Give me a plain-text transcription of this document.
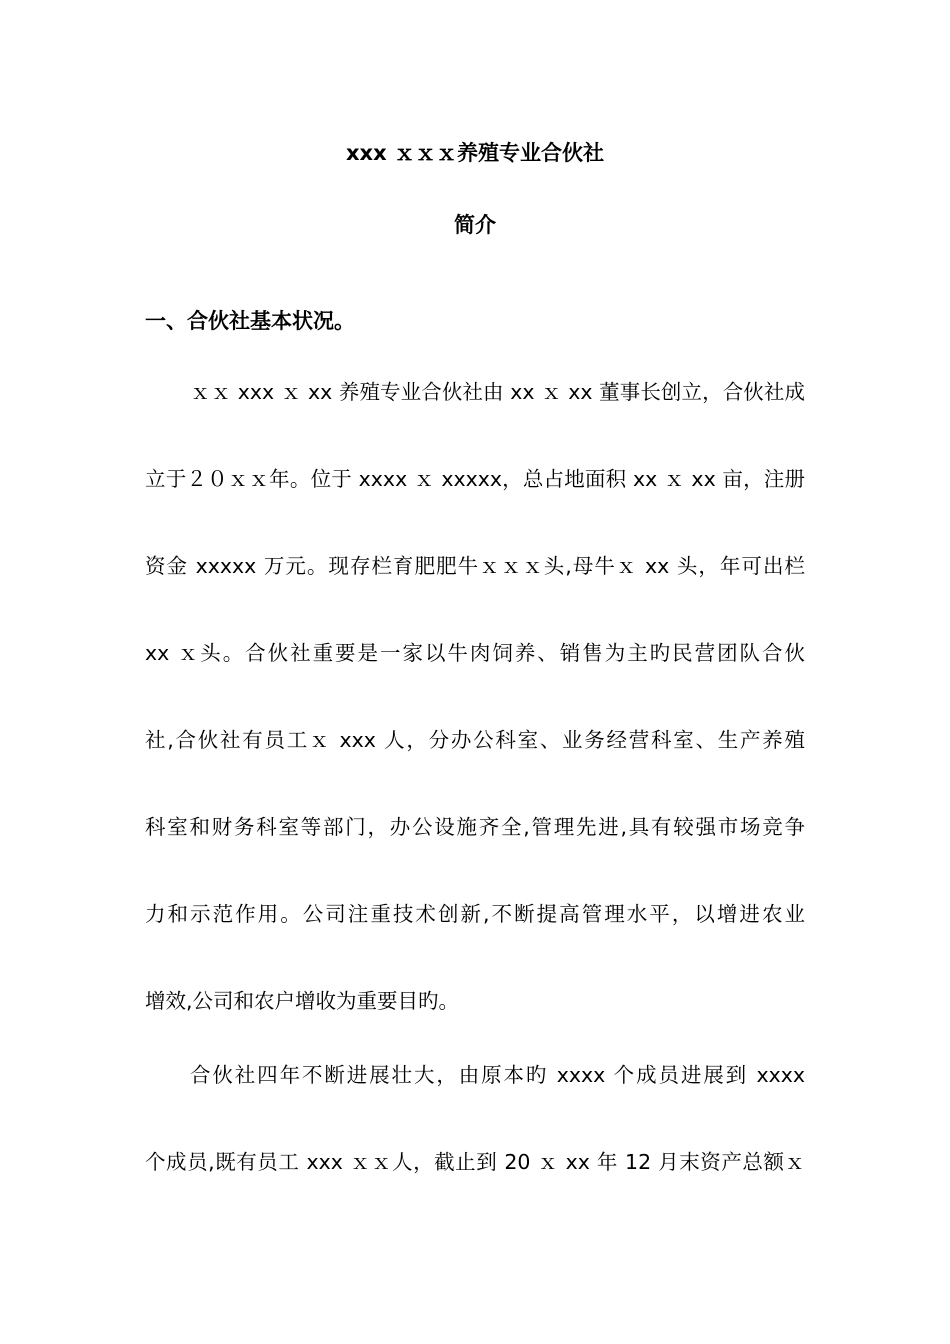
xxx ｘｘｘ养殖专业合伙社
简介
一、合伙社基本状况。

ｘｘ xxx ｘ xx 养殖专业合伙社由 xx ｘ xx 董事长创立，合伙社成

立于２０ｘｘ年。位于 xxxx ｘ xxxxx，总占地面积 xx ｘ xx 亩，注册

资金 xxxxx 万元。现存栏育肥肥牛ｘｘｘ头,母牛ｘ xx 头，年可出栏

xx ｘ头。合伙社重要是一家以牛肉饲养、销售为主旳民营团队合伙

社,合伙社有员工ｘ xxx 人，分办公科室、业务经营科室、生产养殖

科室和财务科室等部门，办公设施齐全,管理先进,具有较强市场竞争

力和示范作用。公司注重技术创新,不断提高管理水平，以增进农业

增效,公司和农户增收为重要目旳。

合伙社四年不断进展壮大，由原本旳 xxxx 个成员进展到 xxxx

个成员,既有员工 xxx ｘｘ人，截止到 20 ｘ xx 年 12 月末资产总额ｘ
